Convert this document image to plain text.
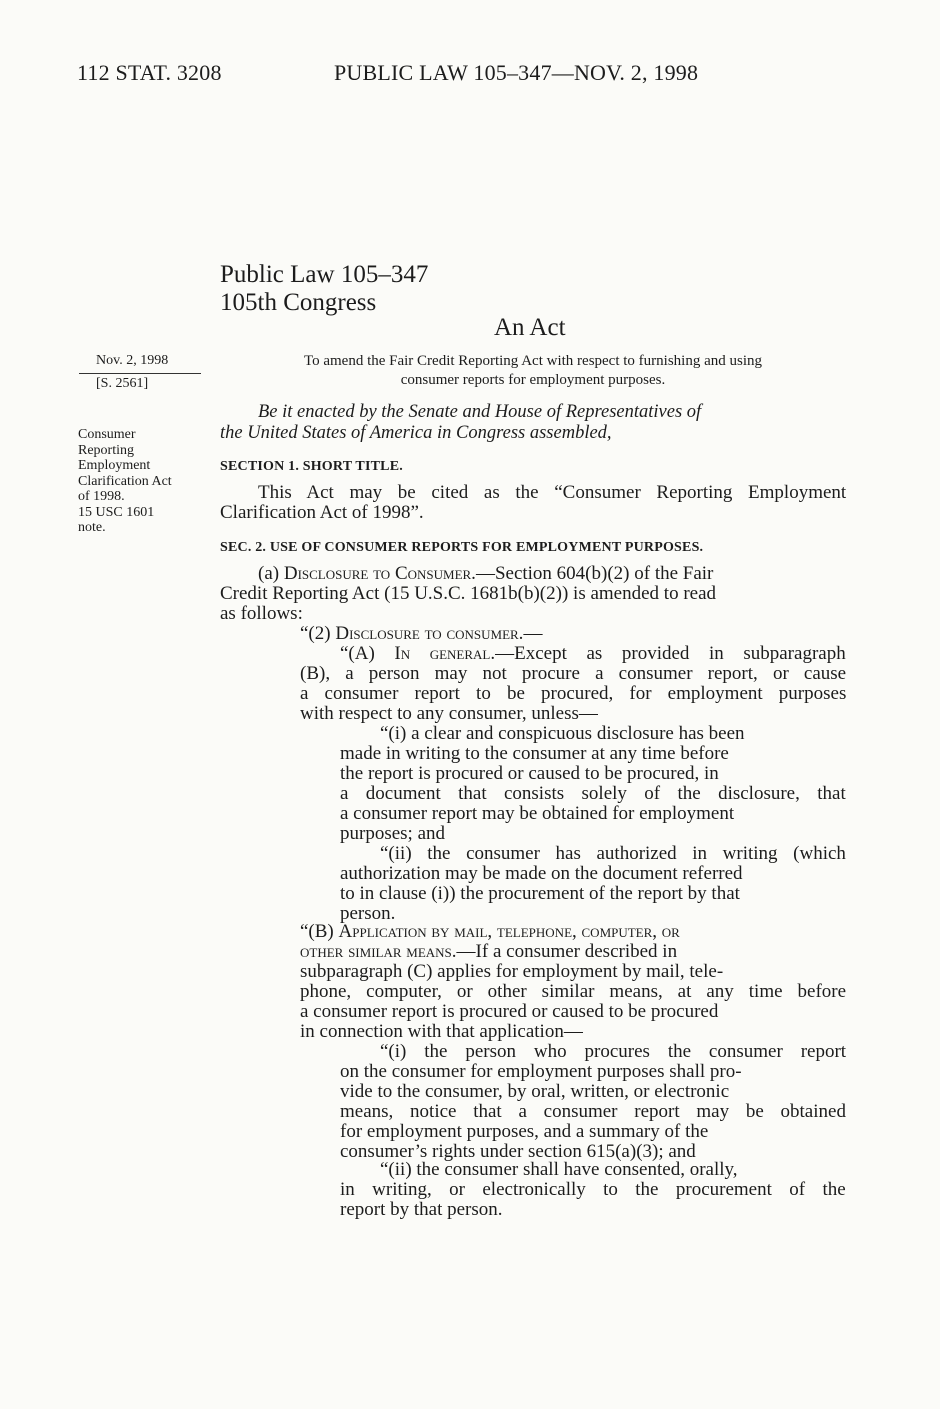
112 STAT. 3208	PUBLIC LAW 105–347—NOV. 2, 1998
Public Law 105–347
105th Congress
An Act
Nov. 2, 1998
[S. 2561]
Consumer
Reporting
Employment
Clarification Act
of 1998.
15 USC 1601
note.
To amend the Fair Credit Reporting Act with respect to furnishing and using
consumer reports for employment purposes.
Be it enacted by the Senate and House of Representatives of
the United States of America in Congress assembled,
SECTION 1. SHORT TITLE.
This Act may be cited as the “Consumer Reporting Employment
Clarification Act of 1998”.
SEC. 2. USE OF CONSUMER REPORTS FOR EMPLOYMENT PURPOSES.
(a) Disclosure to Consumer.—Section 604(b)(2) of the Fair
Credit Reporting Act (15 U.S.C. 1681b(b)(2)) is amended to read
as follows:
“(2) Disclosure to consumer.—
“(A) In general.—Except as provided in subparagraph
(B), a person may not procure a consumer report, or cause
a consumer report to be procured, for employment purposes
with respect to any consumer, unless—
“(i) a clear and conspicuous disclosure has been
made in writing to the consumer at any time before
the report is procured or caused to be procured, in
a document that consists solely of the disclosure, that
a consumer report may be obtained for employment
purposes; and
“(ii) the consumer has authorized in writing (which
authorization may be made on the document referred
to in clause (i)) the procurement of the report by that
person.
“(B) Application by mail, telephone, computer, or
other similar means.—If a consumer described in
subparagraph (C) applies for employment by mail, tele-
phone, computer, or other similar means, at any time before
a consumer report is procured or caused to be procured
in connection with that application—
“(i) the person who procures the consumer report
on the consumer for employment purposes shall pro-
vide to the consumer, by oral, written, or electronic
means, notice that a consumer report may be obtained
for employment purposes, and a summary of the
consumer’s rights under section 615(a)(3); and
“(ii) the consumer shall have consented, orally,
in writing, or electronically to the procurement of the
report by that person.
